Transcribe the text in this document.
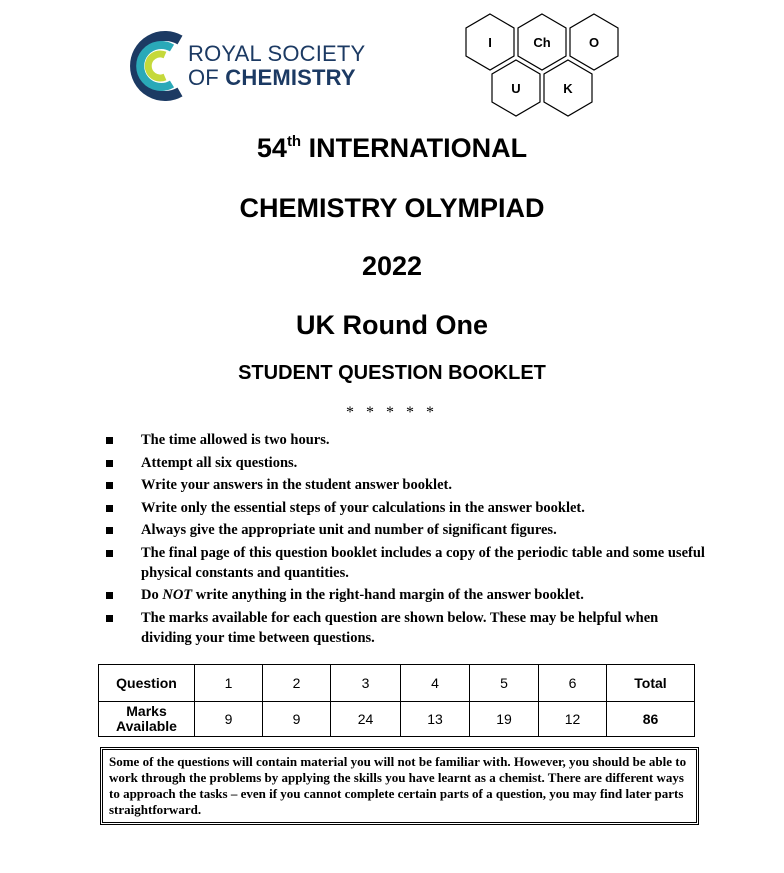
ROYAL SOCIETY
OF CHEMISTRY
I	Ch	O
U	K
54th INTERNATIONAL
CHEMISTRY OLYMPIAD
2022
UK Round One
STUDENT QUESTION BOOKLET
* * * * *
The time allowed is two hours.
Attempt all six questions.
Write your answers in the student answer booklet.
Write only the essential steps of your calculations in the answer booklet.
Always give the appropriate unit and number of significant figures.
The final page of this question booklet includes a copy of the periodic table and some useful physical constants and quantities.
Do NOT write anything in the right-hand margin of the answer booklet.
The marks available for each question are shown below. These may be helpful when dividing your time between questions.
Question	1	2	3	4	5	6	Total
Marks
Available	9	9	24	13	19	12	86
Some of the questions will contain material you will not be familiar with. However, you should be able to work through the problems by applying the skills you have learnt as a chemist. There are different ways to approach the tasks – even if you cannot complete certain parts of a question, you may find later parts straightforward.
